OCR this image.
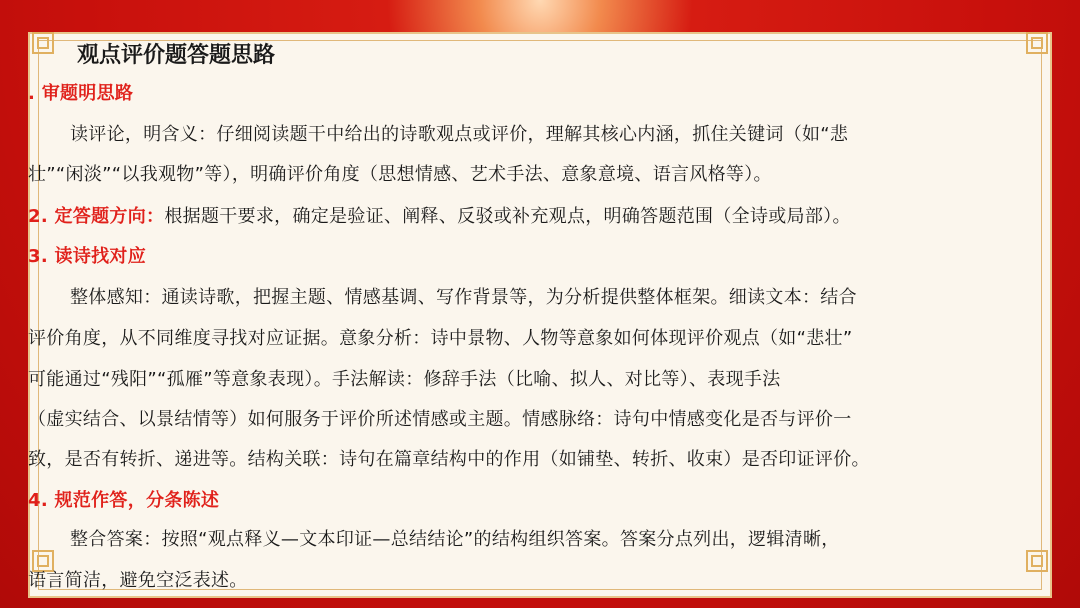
观点评价题答题思路
. 审题明思路
读评论，明含义：仔细阅读题干中给出的诗歌观点或评价，理解其核心内涵，抓住关键词（如“悲
壮”“闲淡”“以我观物”等），明确评价角度（思想情感、艺术手法、意象意境、语言风格等）。
2. 定答题方向：根据题干要求，确定是验证、阐释、反驳或补充观点，明确答题范围（全诗或局部）。
3. 读诗找对应
整体感知：通读诗歌，把握主题、情感基调、写作背景等，为分析提供整体框架。细读文本：结合
评价角度，从不同维度寻找对应证据。意象分析：诗中景物、人物等意象如何体现评价观点（如“悲壮”
可能通过“残阳”“孤雁”等意象表现）。手法解读：修辞手法（比喻、拟人、对比等）、表现手法
（虚实结合、以景结情等）如何服务于评价所述情感或主题。情感脉络：诗句中情感变化是否与评价一
致，是否有转折、递进等。结构关联：诗句在篇章结构中的作用（如铺垫、转折、收束）是否印证评价。
4. 规范作答，分条陈述
整合答案：按照“观点释义—文本印证—总结结论”的结构组织答案。答案分点列出，逻辑清晰，
语言简洁，避免空泛表述。
